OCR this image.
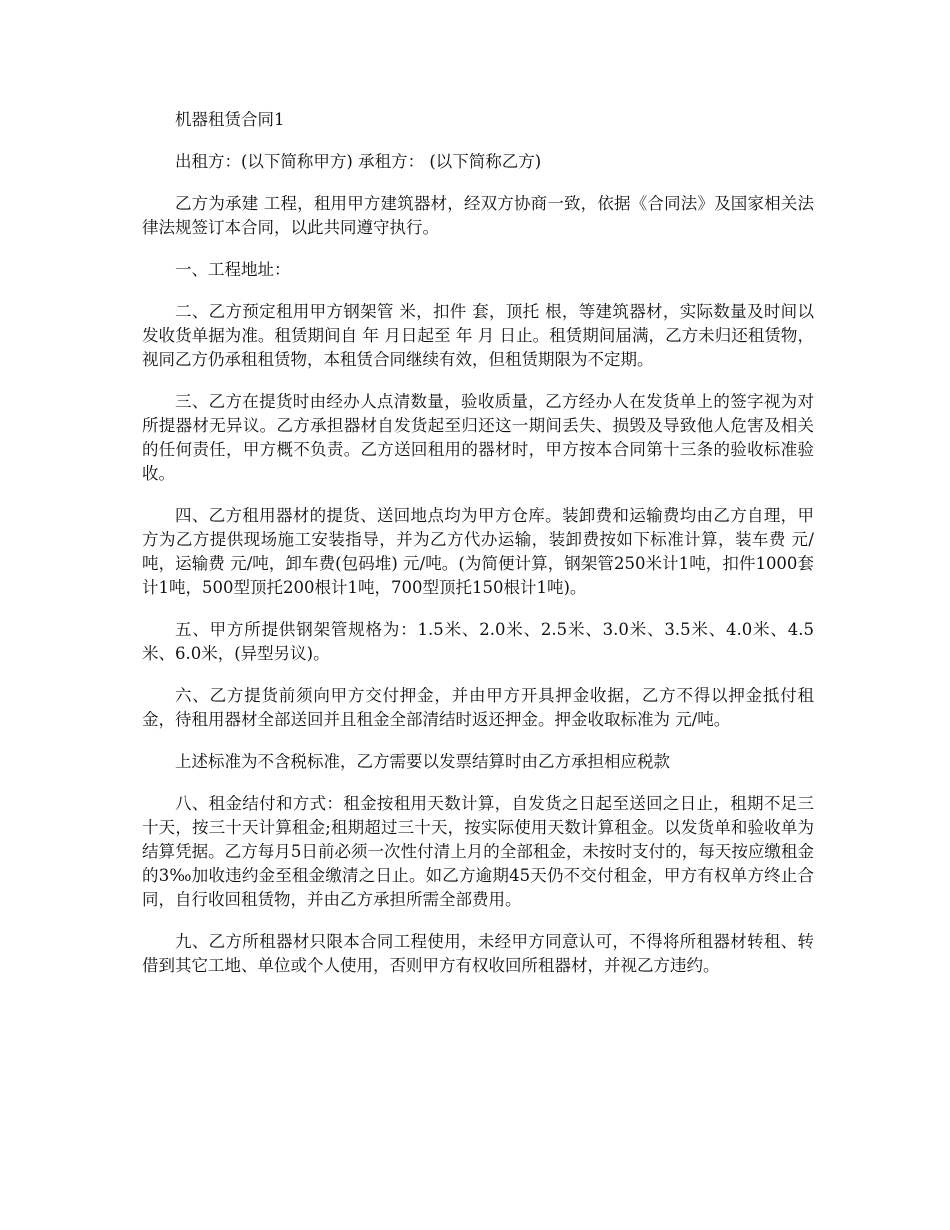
机器租赁合同1

出租方：(以下简称甲方) 承租方： (以下简称乙方)

乙方为承建 工程，租用甲方建筑器材，经双方协商一致，依据《合同法》及国家相关法律法规签订本合同，以此共同遵守执行。

一、工程地址：

二、乙方预定租用甲方钢架管 米，扣件 套，顶托 根，等建筑器材，实际数量及时间以发收货单据为准。租赁期间自 年 月日起至 年 月 日止。租赁期间届满，乙方未归还租赁物，视同乙方仍承租租赁物，本租赁合同继续有效，但租赁期限为不定期。

三、乙方在提货时由经办人点清数量，验收质量，乙方经办人在发货单上的签字视为对所提器材无异议。乙方承担器材自发货起至归还这一期间丢失、损毁及导致他人危害及相关的任何责任，甲方概不负责。乙方送回租用的器材时，甲方按本合同第十三条的验收标准验收。

四、乙方租用器材的提货、送回地点均为甲方仓库。装卸费和运输费均由乙方自理，甲方为乙方提供现场施工安装指导，并为乙方代办运输，装卸费按如下标准计算，装车费 元/吨，运输费 元/吨，卸车费(包码堆) 元/吨。(为简便计算，钢架管250米计1吨，扣件1000套计1吨，500型顶托200根计1吨，700型顶托150根计1吨)。

五、甲方所提供钢架管规格为：1.5米、2.0米、2.5米、3.0米、3.5米、4.0米、4.5米、6.0米，(异型另议)。

六、乙方提货前须向甲方交付押金，并由甲方开具押金收据，乙方不得以押金抵付租金，待租用器材全部送回并且租金全部清结时返还押金。押金收取标准为 元/吨。

上述标准为不含税标准，乙方需要以发票结算时由乙方承担相应税款

八、租金结付和方式：租金按租用天数计算，自发货之日起至送回之日止，租期不足三十天，按三十天计算租金;租期超过三十天，按实际使用天数计算租金。以发货单和验收单为结算凭据。乙方每月5日前必须一次性付清上月的全部租金，未按时支付的，每天按应缴租金的3‰加收违约金至租金缴清之日止。如乙方逾期45天仍不交付租金，甲方有权单方终止合同，自行收回租赁物，并由乙方承担所需全部费用。

九、乙方所租器材只限本合同工程使用，未经甲方同意认可，不得将所租器材转租、转借到其它工地、单位或个人使用，否则甲方有权收回所租器材，并视乙方违约。
